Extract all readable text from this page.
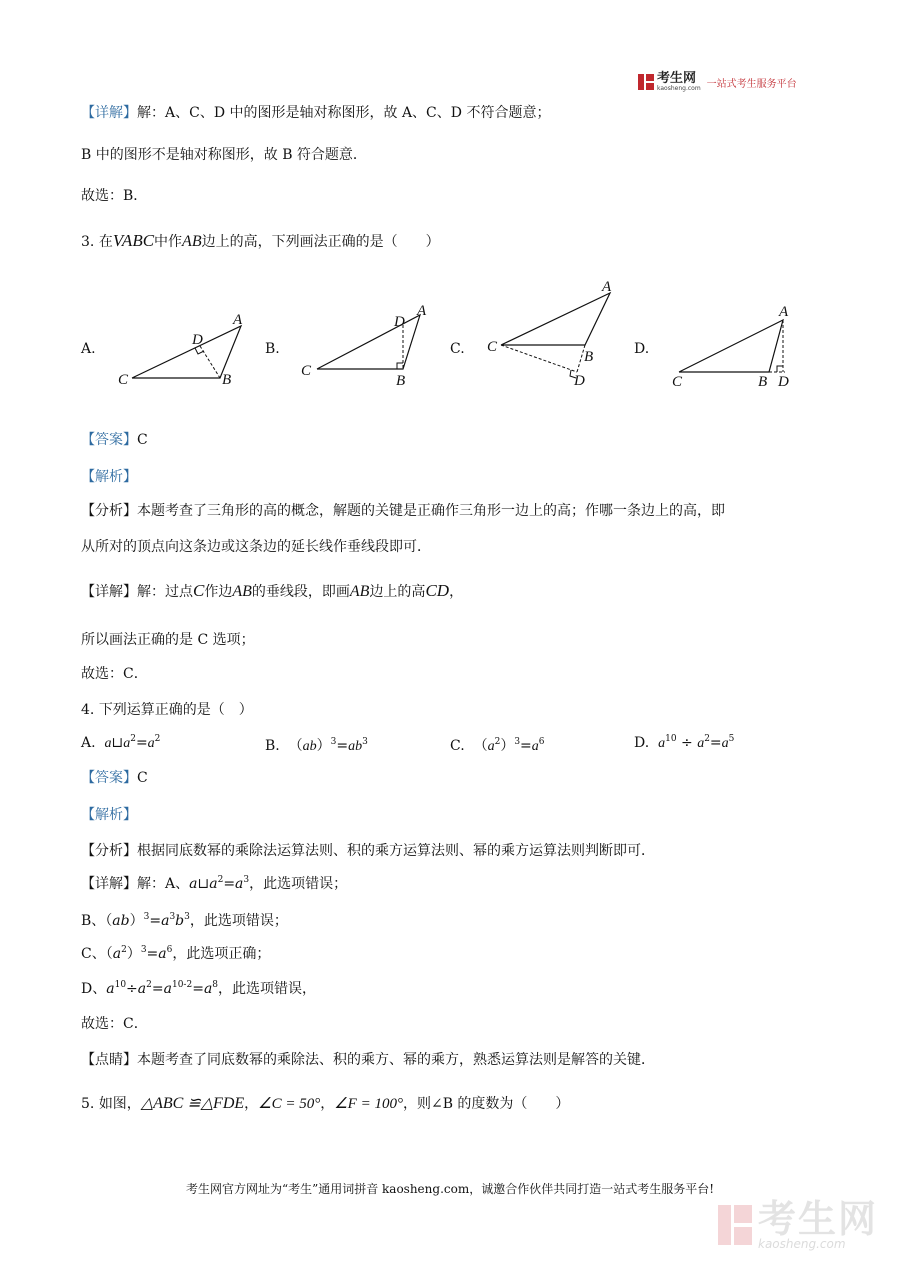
考生网
kaosheng.com 一站式考生服务平台
【详解】解：A、C、D 中的图形是轴对称图形，故 A、C、D 不符合题意；
B 中的图形不是轴对称图形，故 B 符合题意．
故选：B．
3. 在VABC中作AB边上的高，下列画法正确的是（　　）
A.	B.	C.	D.
A
B
C
D
A
B
C
D
A
B
C
D
A
B
C	D
【答案】C
【解析】
【分析】本题考查了三角形的高的概念，解题的关键是正确作三角形一边上的高；作哪一条边上的高，即
从所对的顶点向这条边或这条边的延长线作垂线段即可．
【详解】解：过点C作边AB的垂线段，即画AB边上的高CD，
所以画法正确的是 C 选项；
故选：C．
4. 下列运算正确的是（　）
A. $a⊔a^2=a^2$	B.  $(ab)^3=ab^3$	C.  $(a^2)^3=a^6$	D. $a^{10} \div a^2=a^5$
【答案】C
【解析】
【分析】根据同底数幂的乘除法运算法则、积的乘方运算法则、幂的乘方运算法则判断即可．
【详解】解：A、$a⊔a^2=a^3$，此选项错误；
B、$(ab)^3=a^3b^3$，此选项错误；
C、$(a^2)^3=a^6$，此选项正确；
D、$a^{10}\div a^2=a^{10-2}=a^8$，此选项错误，
故选：C．
【点睛】本题考查了同底数幂的乘除法、积的乘方、幂的乘方，熟悉运算法则是解答的关键．
5. 如图，△ABC ≌△FDE，∠C = 50°，∠F = 100°，则∠B 的度数为（　　）
考生网官方网址为“考生”通用词拼音 kaosheng.com，诚邀合作伙伴共同打造一站式考生服务平台!
考生网
kaosheng.com
